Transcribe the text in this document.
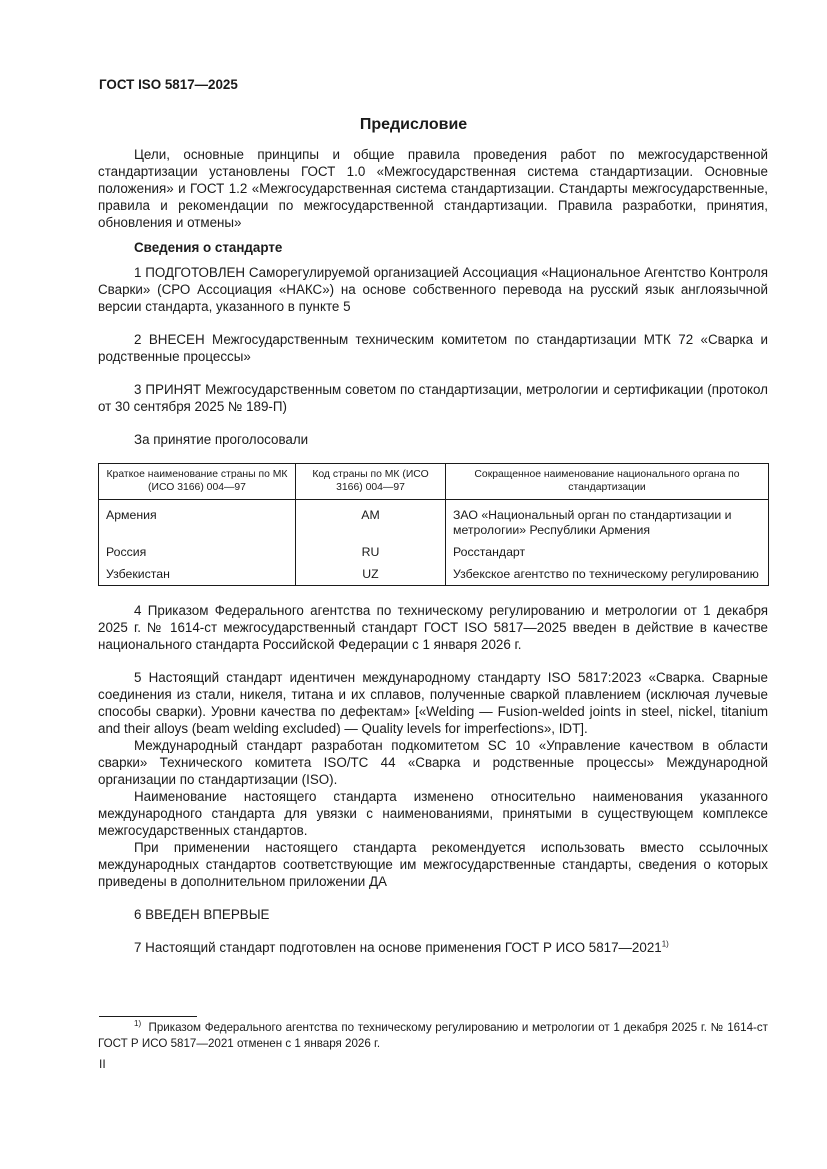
ГОСТ ISO 5817—2025
Предисловие

Цели, основные принципы и общие правила проведения работ по межгосударственной стандартизации установлены ГОСТ 1.0 «Межгосударственная система стандартизации. Основные положения» и ГОСТ 1.2 «Межгосударственная система стандартизации. Стандарты межгосударственные, правила и рекомендации по межгосударственной стандартизации. Правила разработки, принятия, обновления и отмены»

Сведения о стандарте

1 ПОДГОТОВЛЕН Саморегулируемой организацией Ассоциация «Национальное Агентство Контроля Сварки» (СРО Ассоциация «НАКС») на основе собственного перевода на русский язык англоязычной версии стандарта, указанного в пункте 5

2 ВНЕСЕН Межгосударственным техническим комитетом по стандартизации МТК 72 «Сварка и родственные процессы»

3 ПРИНЯТ Межгосударственным советом по стандартизации, метрологии и сертификации (протокол от 30 сентября 2025 № 189-П)

За принятие проголосовали

Краткое наименование страны по МК (ИСО 3166) 004—97	Код страны по МК (ИСО 3166) 004—97	Сокращенное наименование национального органа по стандартизации
Армения	AM	ЗАО «Национальный орган по стандартизации и метрологии» Республики Армения
Россия	RU	Росстандарт
Узбекистан	UZ	Узбекское агентство по техническому регулированию

4 Приказом Федерального агентства по техническому регулированию и метрологии от 1 декабря 2025 г. № 1614-ст межгосударственный стандарт ГОСТ ISO 5817—2025 введен в действие в качестве национального стандарта Российской Федерации с 1 января 2026 г.

5 Настоящий стандарт идентичен международному стандарту ISO 5817:2023 «Сварка. Сварные соединения из стали, никеля, титана и их сплавов, полученные сваркой плавлением (исключая лучевые способы сварки). Уровни качества по дефектам» [«Welding — Fusion-welded joints in steel, nickel, titanium and their alloys (beam welding excluded) — Quality levels for imperfections», IDT].

Международный стандарт разработан подкомитетом SC 10 «Управление качеством в области сварки» Технического комитета ISO/TC 44 «Сварка и родственные процессы» Международной организации по стандартизации (ISO).

Наименование настоящего стандарта изменено относительно наименования указанного международного стандарта для увязки с наименованиями, принятыми в существующем комплексе межгосударственных стандартов.

При применении настоящего стандарта рекомендуется использовать вместо ссылочных международных стандартов соответствующие им межгосударственные стандарты, сведения о которых приведены в дополнительном приложении ДА

6 ВВЕДЕН ВПЕРВЫЕ

7 Настоящий стандарт подготовлен на основе применения ГОСТ Р ИСО 5817—2021$^{1)}$

$^{1)}$ Приказом Федерального агентства по техническому регулированию и метрологии от 1 декабря 2025 г. № 1614-ст ГОСТ Р ИСО 5817—2021 отменен с 1 января 2026 г.

II
